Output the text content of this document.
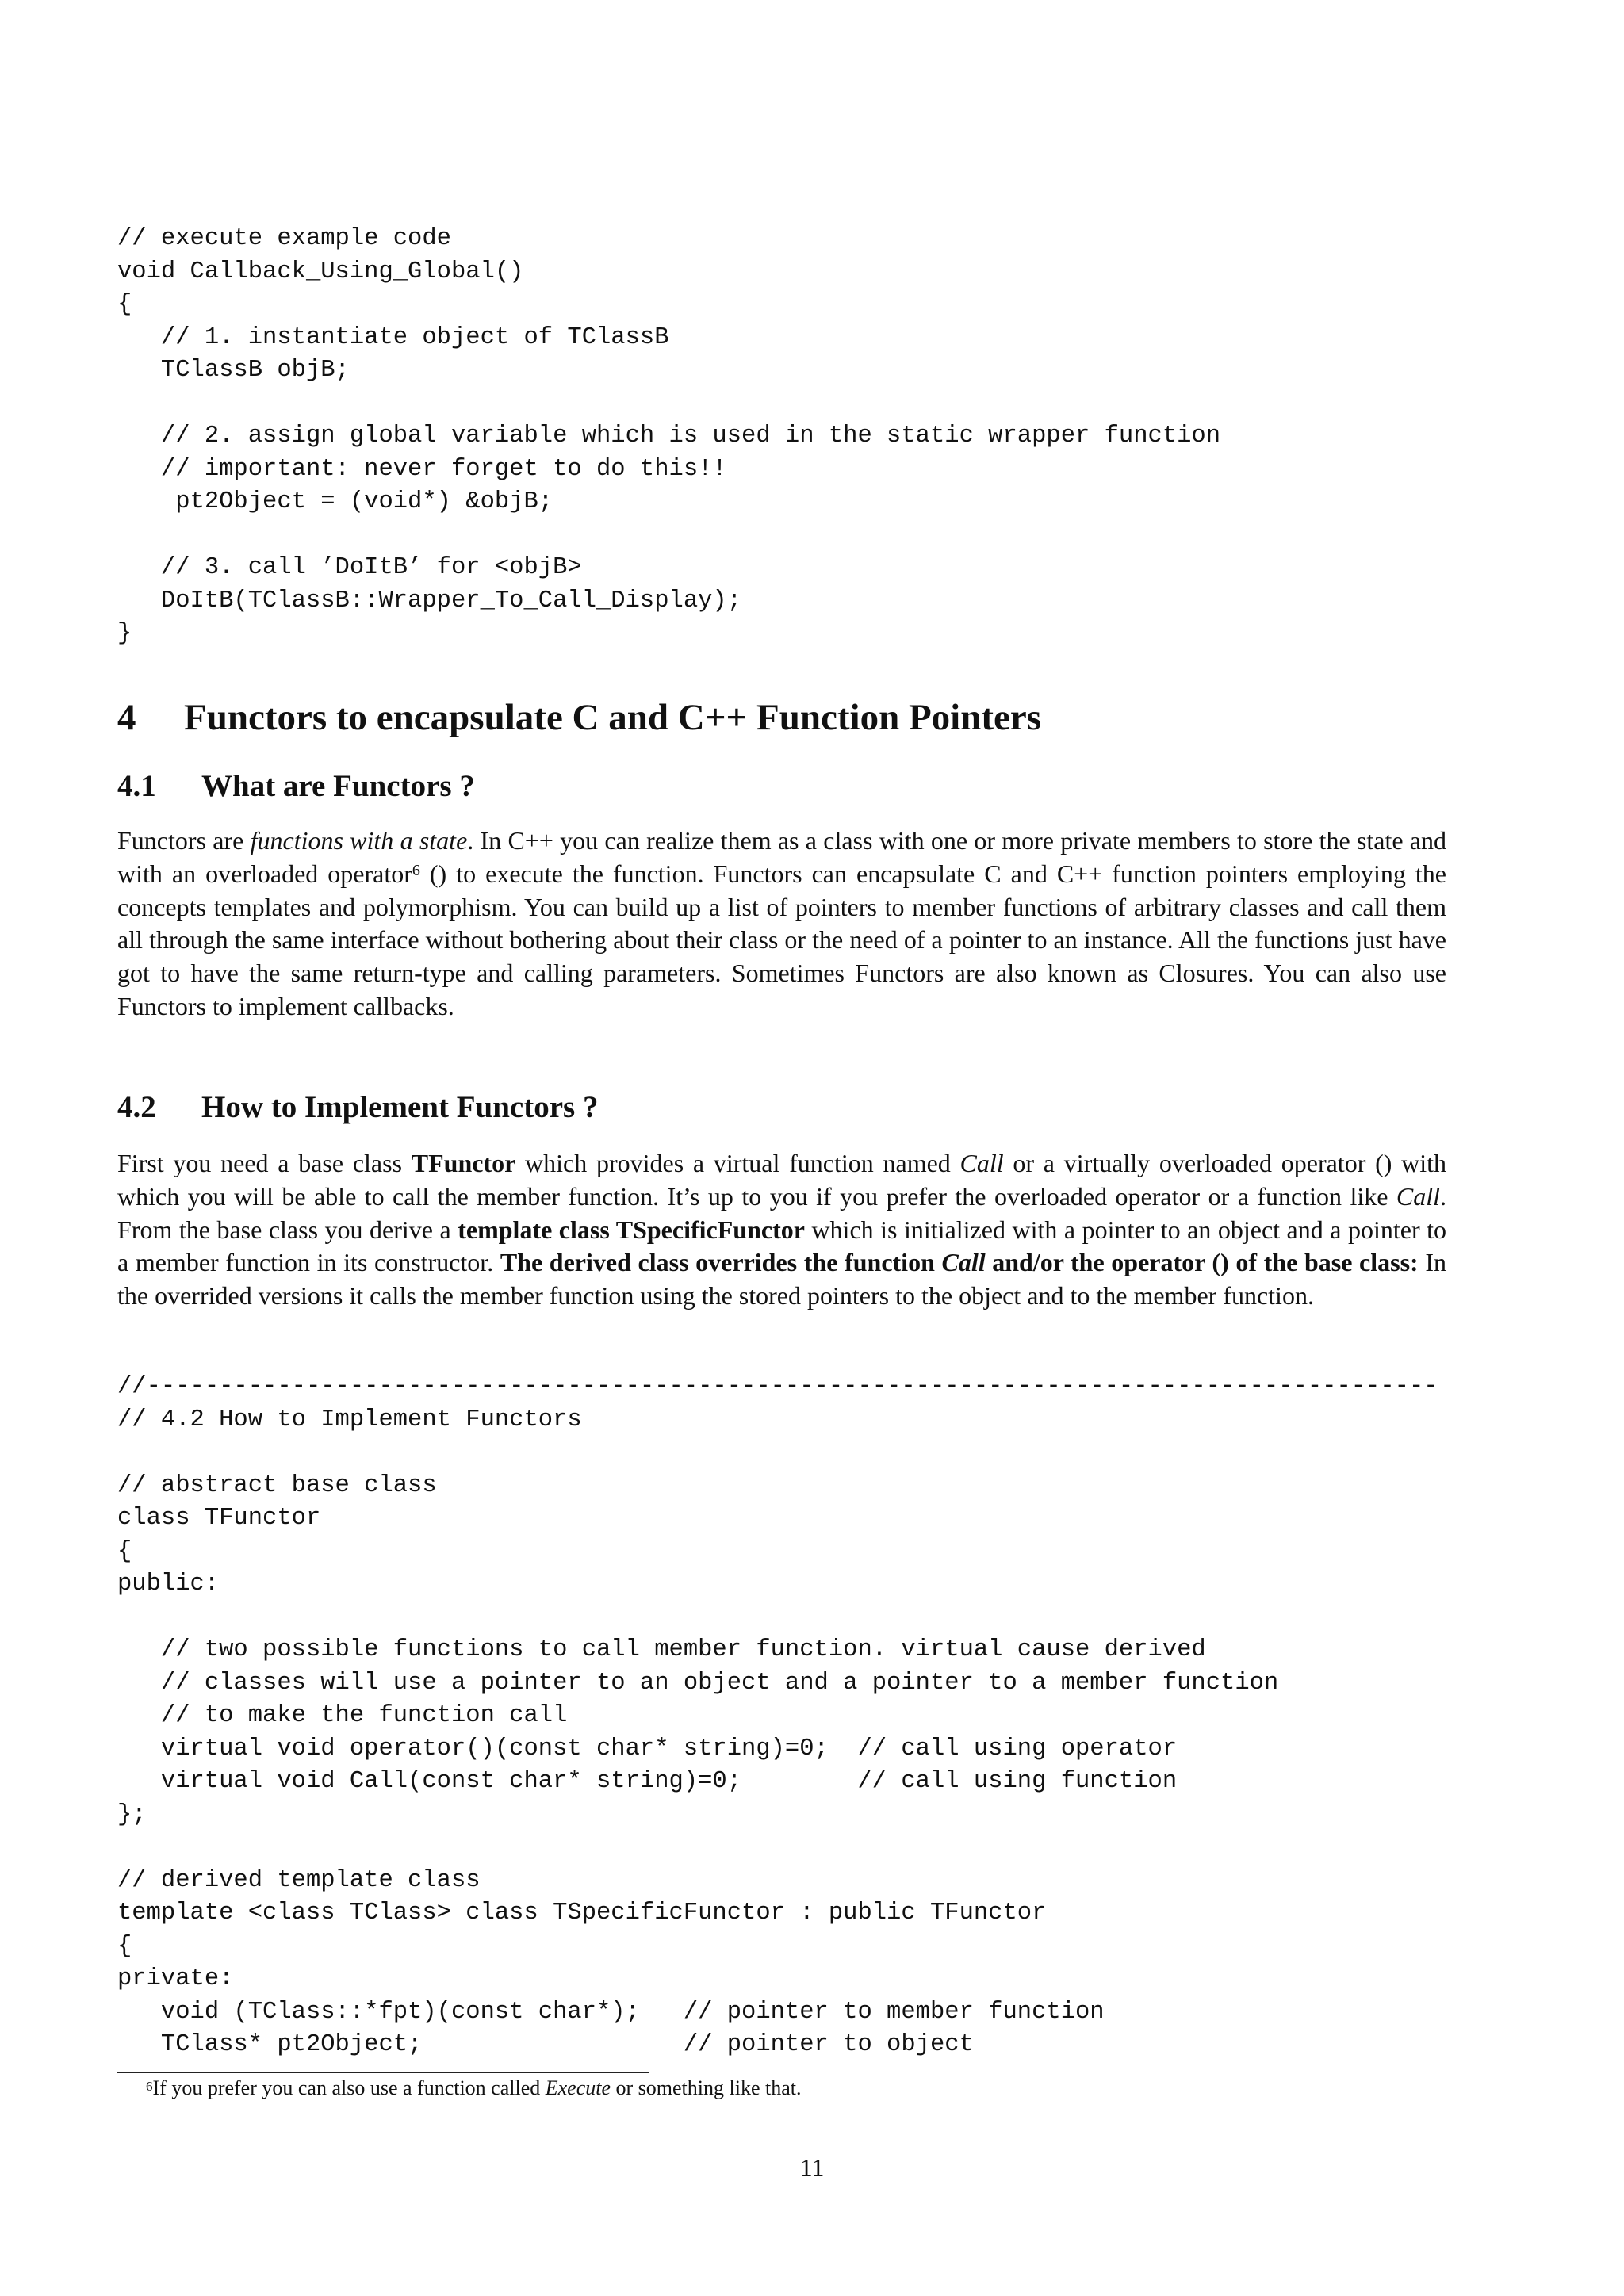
// execute example code
void Callback_Using_Global()
{
// 1. instantiate object of TClassB
TClassB objB;

// 2. assign global variable which is used in the static wrapper function
// important: never forget to do this!!
pt2Object = (void*) &objB;

// 3. call ’DoItB’ for <objB>
DoItB(TClassB::Wrapper_To_Call_Display);
}
4 Functors to encapsulate C and C++ Function Pointers
4.1 What are Functors ?

Functors are functions with a state. In C++ you can realize them as a class with one or more private members to store the state and with an overloaded operator$^6$ () to execute the function. Functors can encapsulate C and C++ function pointers employing the concepts templates and polymorphism. You can build up a list of pointers to member functions of arbitrary classes and call them all through the same interface without bothering about their class or the need of a pointer to an instance. All the functions just have got to have the same return-type and calling parameters. Sometimes Functors are also known as Closures. You can also use Functors to implement callbacks.

4.2 How to Implement Functors ?

First you need a base class TFunctor which provides a virtual function named Call or a virtually overloaded operator () with which you will be able to call the member function. It’s up to you if you prefer the overloaded operator or a function like Call. From the base class you derive a template class TSpecificFunctor which is initialized with a pointer to an object and a pointer to a member function in its constructor. The derived class overrides the function Call and/or the operator () of the base class: In the overrided versions it calls the member function using the stored pointers to the object and to the member function.

//-----------------------------------------------------------------------------------------
// 4.2 How to Implement Functors

// abstract base class
class TFunctor
{
public:

// two possible functions to call member function. virtual cause derived
// classes will use a pointer to an object and a pointer to a member function
// to make the function call
virtual void operator()(const char* string)=0;  // call using operator
virtual void Call(const char* string)=0;        // call using function
};

// derived template class
template <class TClass> class TSpecificFunctor : public TFunctor
{
private:
void (TClass::*fpt)(const char*);   // pointer to member function
TClass* pt2Object;                  // pointer to object

$^6$If you prefer you can also use a function called Execute or something like that.

11
